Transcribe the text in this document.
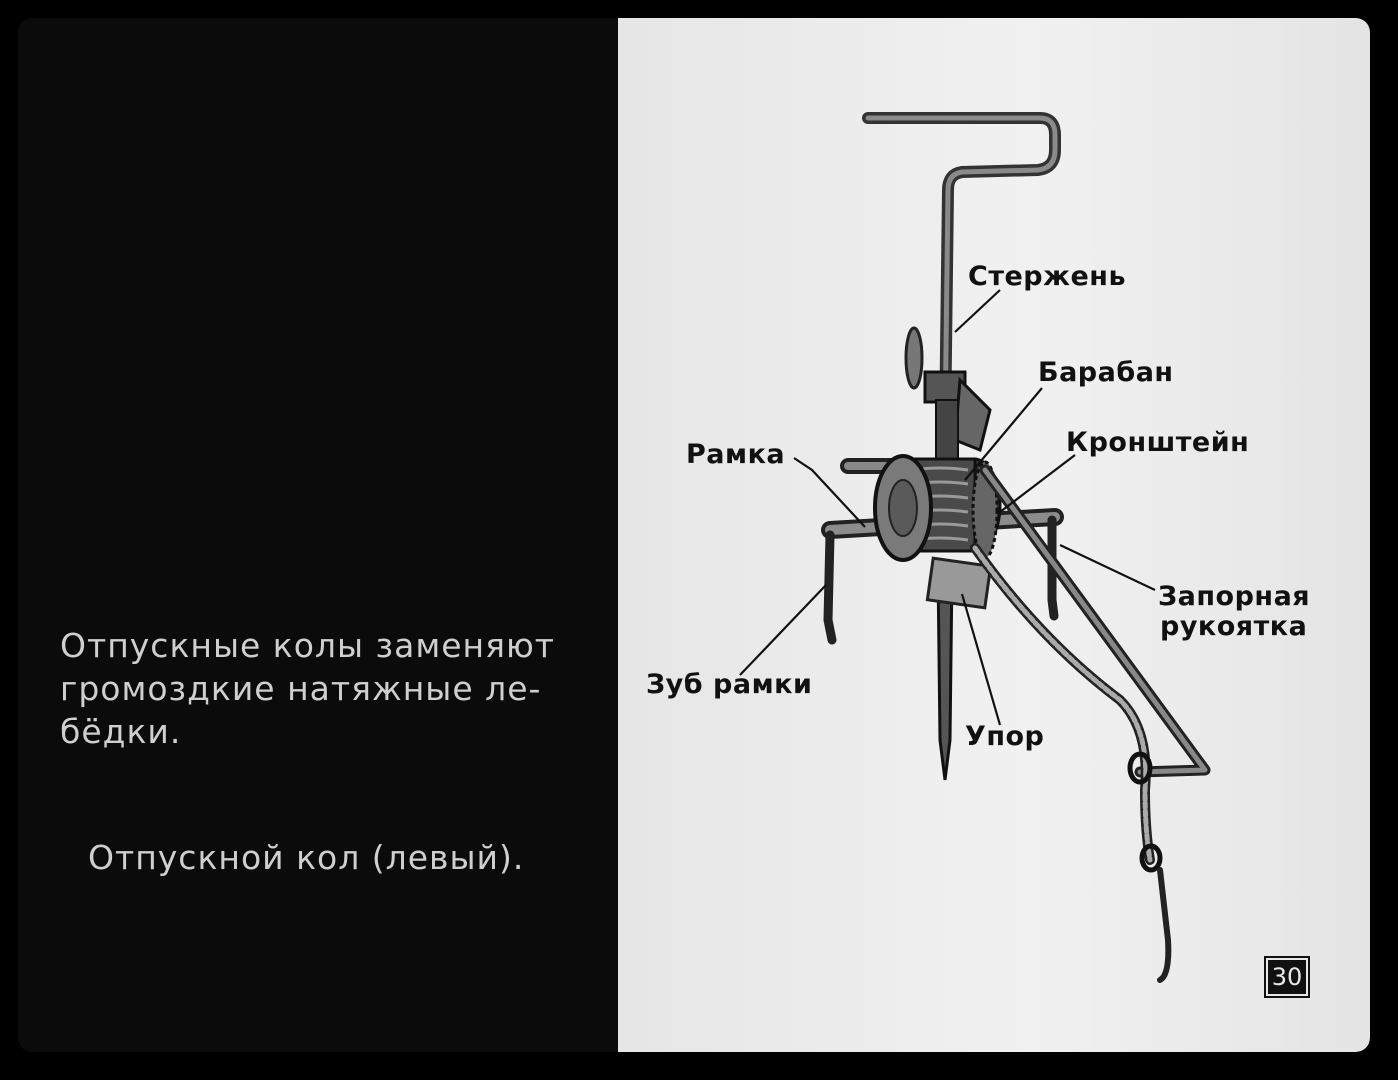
Отпускные колы заменяют
громоздкие натяжные ле-
бёдки.
Отпускной кол (левый).
Стержень
Барабан
Рамка	Кронштейн
Запорная
рукоятка
Зуб рамки
Упор
30
